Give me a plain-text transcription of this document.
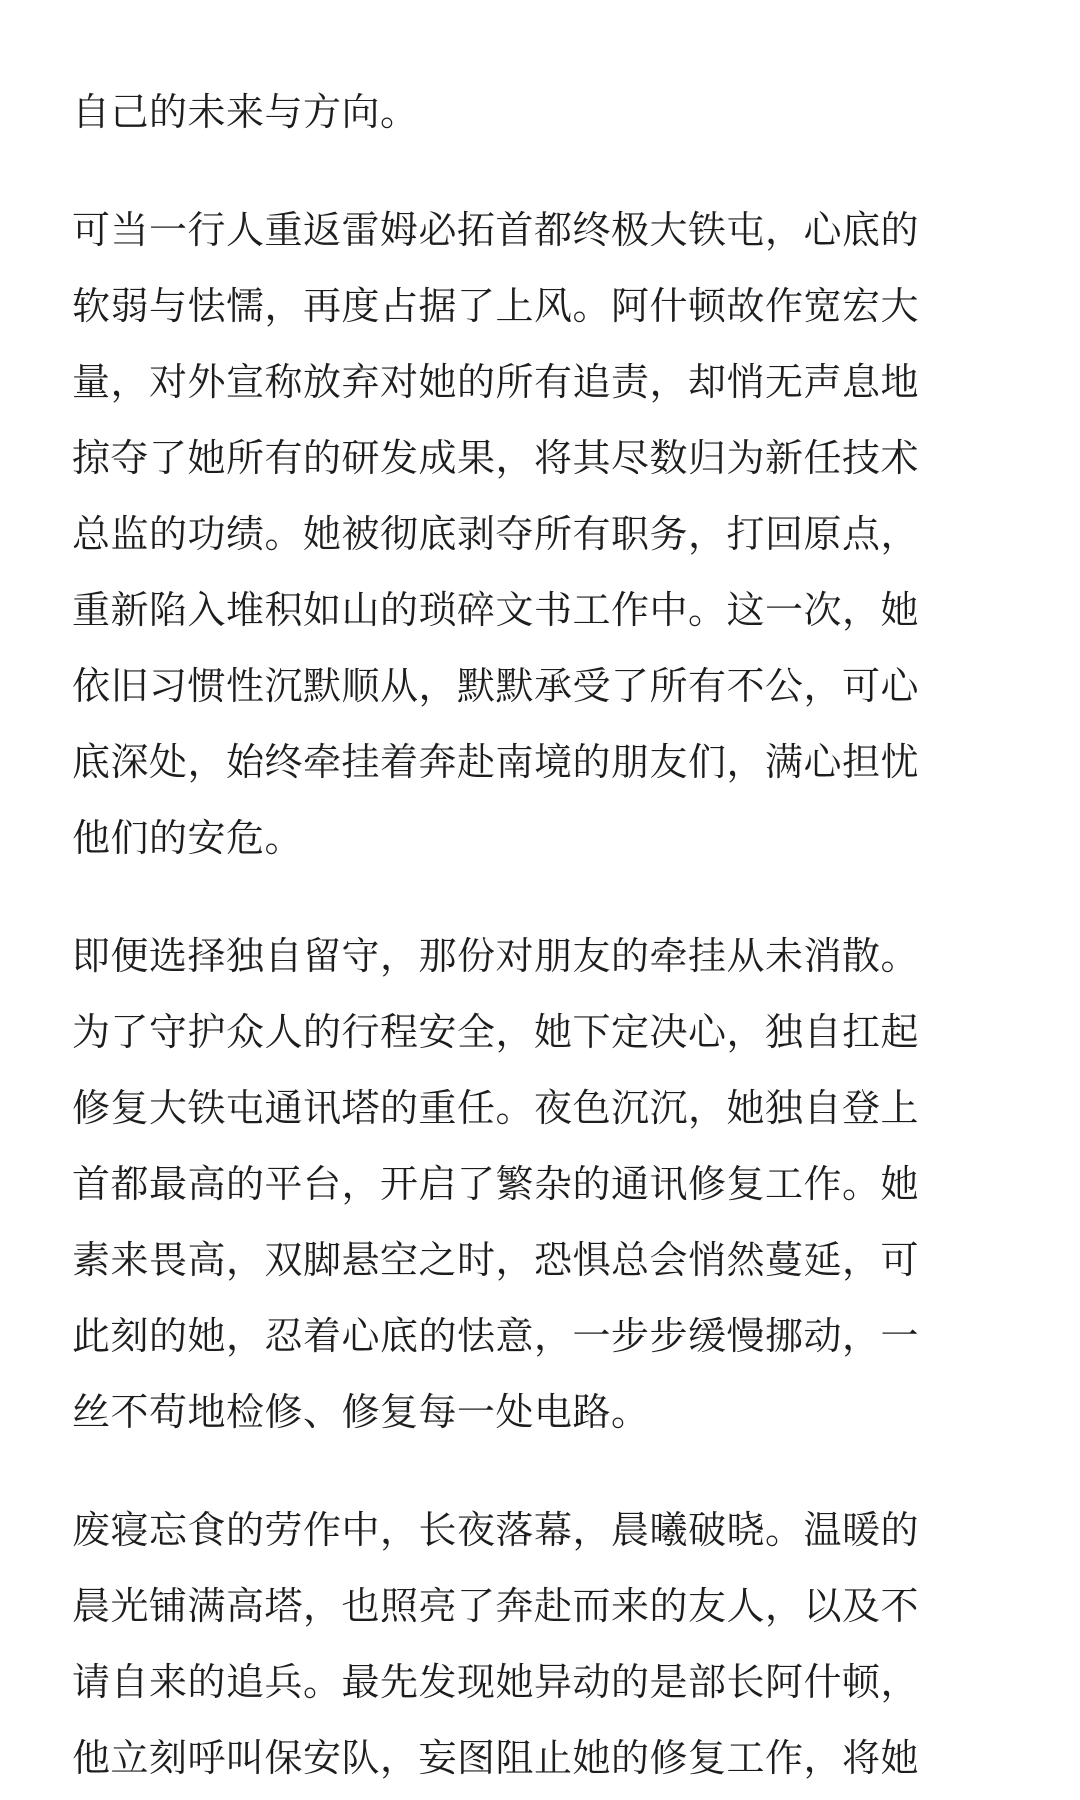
自己的未来与方向。

可当一行人重返雷姆必拓首都终极大铁屯，心底的
软弱与怯懦，再度占据了上风。阿什顿故作宽宏大
量，对外宣称放弃对她的所有追责，却悄无声息地
掠夺了她所有的研发成果，将其尽数归为新任技术
总监的功绩。她被彻底剥夺所有职务，打回原点，
重新陷入堆积如山的琐碎文书工作中。这一次，她
依旧习惯性沉默顺从，默默承受了所有不公，可心
底深处，始终牵挂着奔赴南境的朋友们，满心担忧
他们的安危。

即便选择独自留守，那份对朋友的牵挂从未消散。
为了守护众人的行程安全，她下定决心，独自扛起
修复大铁屯通讯塔的重任。夜色沉沉，她独自登上
首都最高的平台，开启了繁杂的通讯修复工作。她
素来畏高，双脚悬空之时，恐惧总会悄然蔓延，可
此刻的她，忍着心底的怯意，一步步缓慢挪动，一
丝不苟地检修、修复每一处电路。

废寝忘食的劳作中，长夜落幕，晨曦破晓。温暖的
晨光铺满高塔，也照亮了奔赴而来的友人，以及不
请自来的追兵。最先发现她异动的是部长阿什顿，
他立刻呼叫保安队，妄图阻止她的修复工作，将她
